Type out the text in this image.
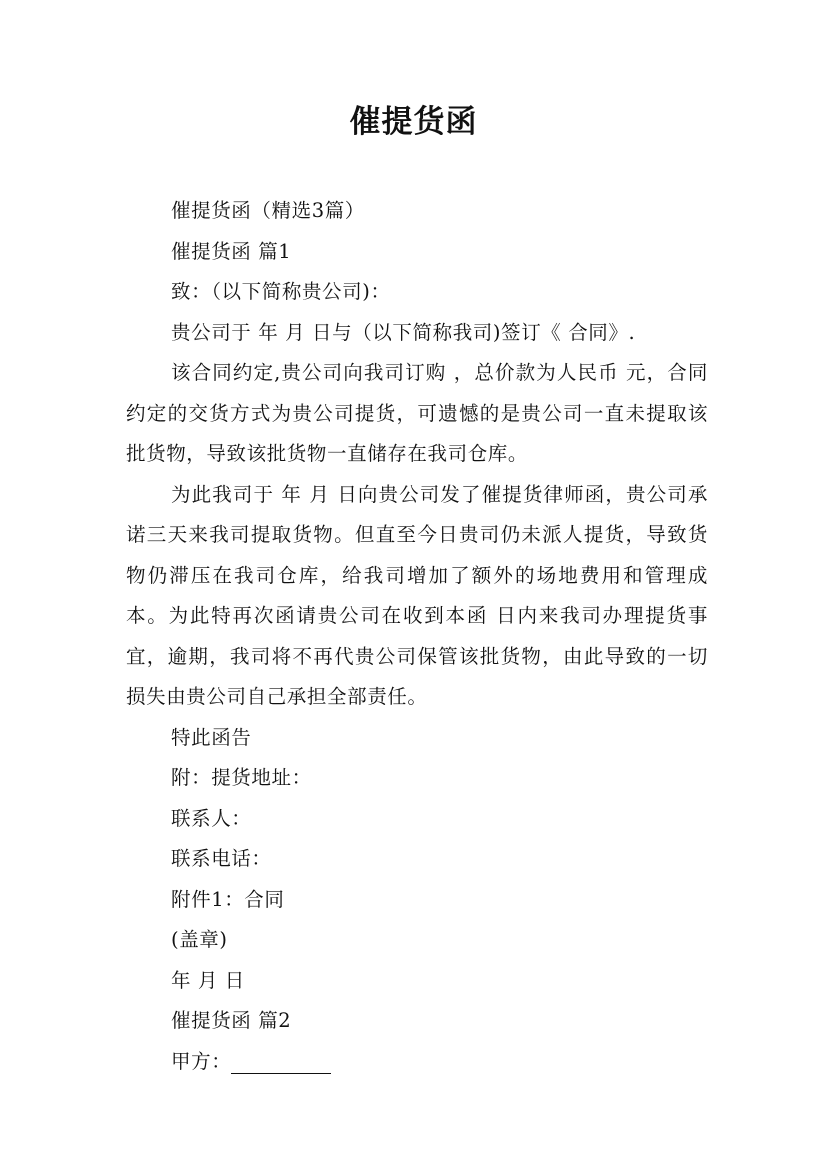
催提货函

催提货函（精选3篇）

催提货函 篇1

致：（以下简称贵公司)：

贵公司于 年 月 日与（以下简称我司)签订《 合同》.

该合同约定,贵公司向我司订购 ，总价款为人民币 元，合同约定的交货方式为贵公司提货，可遗憾的是贵公司一直未提取该批货物，导致该批货物一直储存在我司仓库。

为此我司于 年 月 日向贵公司发了催提货律师函，贵公司承诺三天来我司提取货物。但直至今日贵司仍未派人提货，导致货物仍滞压在我司仓库，给我司增加了额外的场地费用和管理成本。为此特再次函请贵公司在收到本函 日内来我司办理提货事宜，逾期，我司将不再代贵公司保管该批货物，由此导致的一切损失由贵公司自己承担全部责任。

特此函告

附：提货地址：

联系人：

联系电话：

附件1：合同

(盖章)

年 月 日

催提货函 篇2

甲方：
